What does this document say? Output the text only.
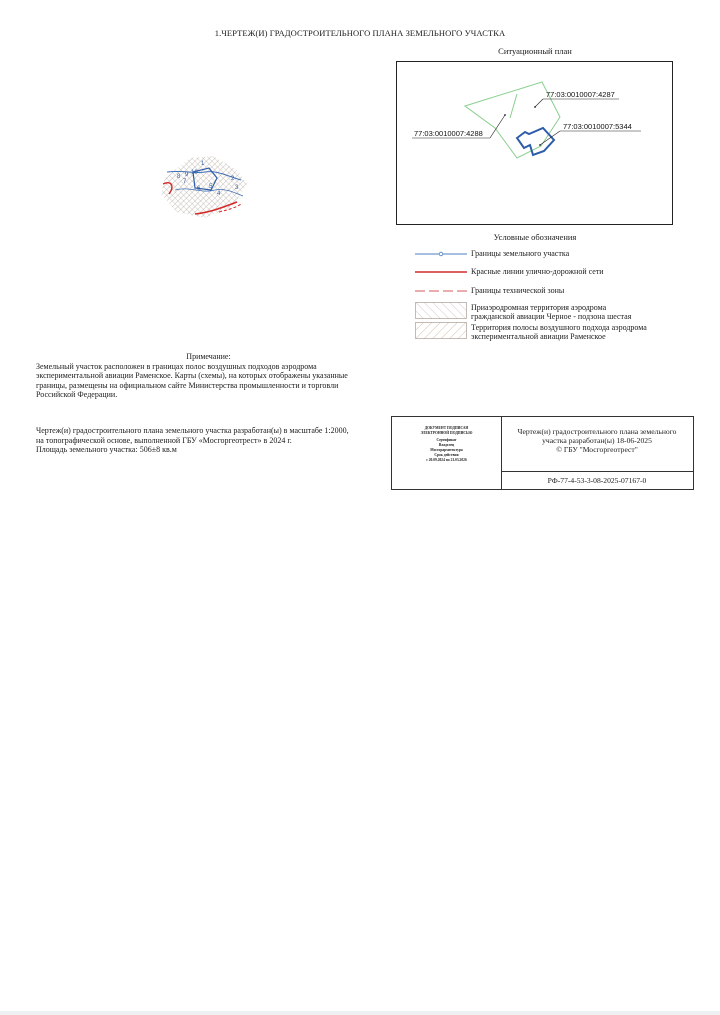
1.ЧЕРТЕЖ(И) ГРАДОСТРОИТЕЛЬНОГО ПЛАНА ЗЕМЕЛЬНОГО УЧАСТКА
1
2
3
4
5
6
7
8 9 10
Ситуационный план
77:03:0010007:4287
77:03:0010007:4288
77:03:0010007:5344
Условные обозначения
Границы земельного участка
Красные линии улично-дорожной сети
Границы технической зоны
Приаэродромная территория аэродрома
гражданской авиации Черное - подзона шестая
Территория полосы воздушного подхода аэродрома
экспериментальной авиации Раменское
Примечание:
Земельный участок расположен в границах полос воздушных подходов аэродрома
экспериментальной авиации Раменское. Карты (схемы), на которых отображены указанные
границы, размещены на официальном сайте Министерства промышленности и торговли
Российской Федерации.
Чертеж(и) градостроительного плана земельного участка разработан(ы) в масштабе 1:2000,
на топографической основе, выполненной ГБУ «Мосгоргеотрест» в 2024 г.
Площадь земельного участка: 506±8 кв.м
ДОКУМЕНТ ПОДПИСАН
ЭЛЕКТРОННОЙ ПОДПИСЬЮ
Сертификат
Владелец
Мосгорархитектура
Срок действия
с 20.09.2024 по 21.03.2026
Чертеж(и) градостроительного плана земельного
участка разработан(ы) 18-06-2025
© ГБУ "Мосгоргеотрест"
РФ-77-4-53-3-08-2025-07167-0
